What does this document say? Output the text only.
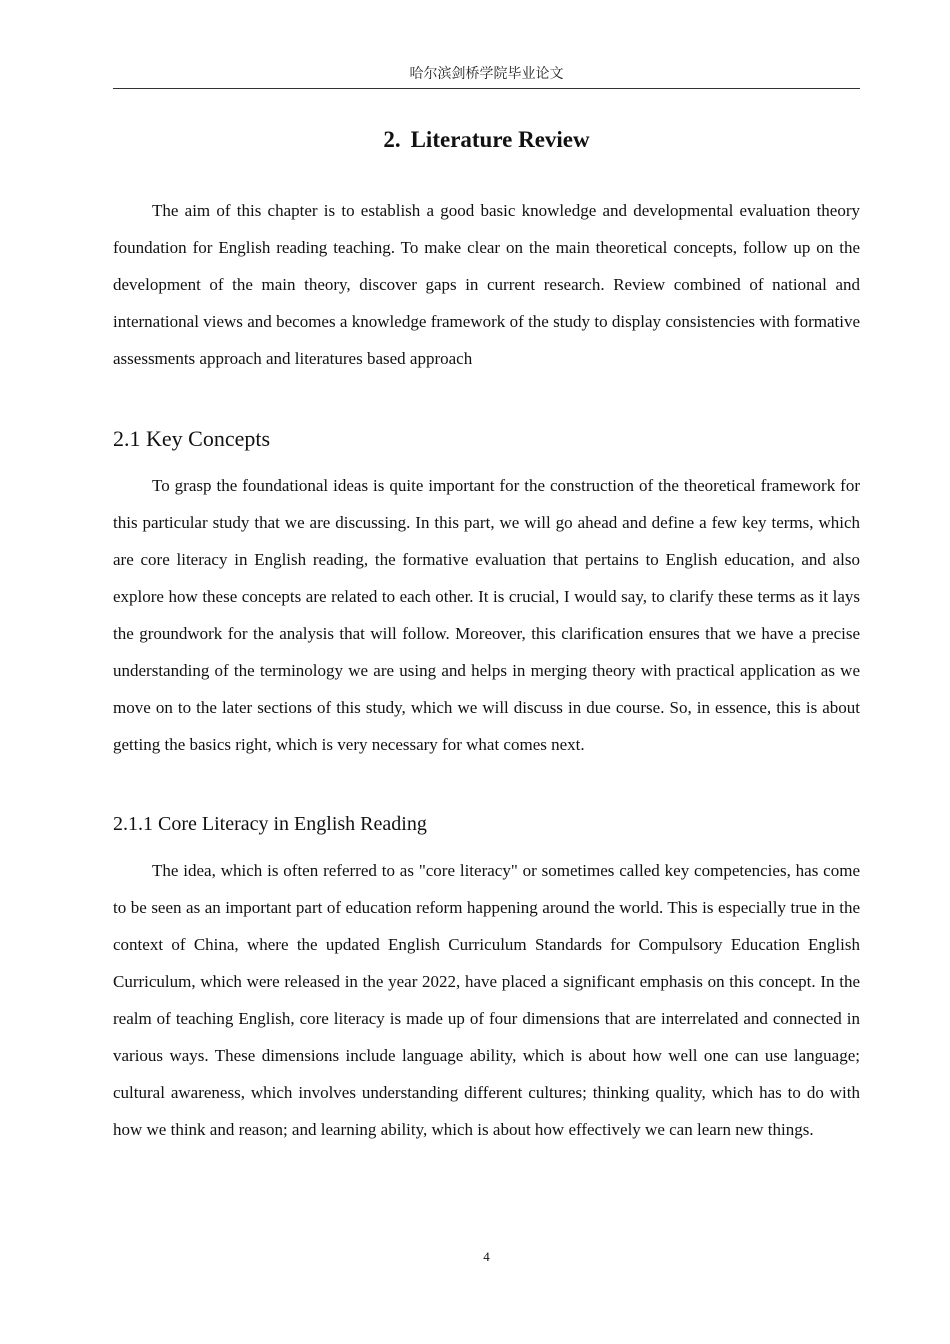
哈尔滨剑桥学院毕业论文
2. Literature Review

The aim of this chapter is to establish a good basic knowledge and developmental evaluation theory foundation for English reading teaching. To make clear on the main theoretical concepts, follow up on the development of the main theory, discover gaps in current research. Review combined of national and international views and becomes a knowledge framework of the study to display consistencies with formative assessments approach and literatures based approach

2.1 Key Concepts

To grasp the foundational ideas is quite important for the construction of the theoretical framework for this particular study that we are discussing. In this part, we will go ahead and define a few key terms, which are core literacy in English reading, the formative evaluation that pertains to English education, and also explore how these concepts are related to each other. It is crucial, I would say, to clarify these terms as it lays the groundwork for the analysis that will follow. Moreover, this clarification ensures that we have a precise understanding of the terminology we are using and helps in merging theory with practical application as we move on to the later sections of this study, which we will discuss in due course. So, in essence, this is about getting the basics right, which is very necessary for what comes next.

2.1.1 Core Literacy in English Reading

The idea, which is often referred to as "core literacy" or sometimes called key competencies, has come to be seen as an important part of education reform happening around the world. This is especially true in the context of China, where the updated English Curriculum Standards for Compulsory Education English Curriculum, which were released in the year 2022, have placed a significant emphasis on this concept. In the realm of teaching English, core literacy is made up of four dimensions that are interrelated and connected in various ways. These dimensions include language ability, which is about how well one can use language; cultural awareness, which involves understanding different cultures; thinking quality, which has to do with how we think and reason; and learning ability, which is about how effectively we can learn new things.

4
